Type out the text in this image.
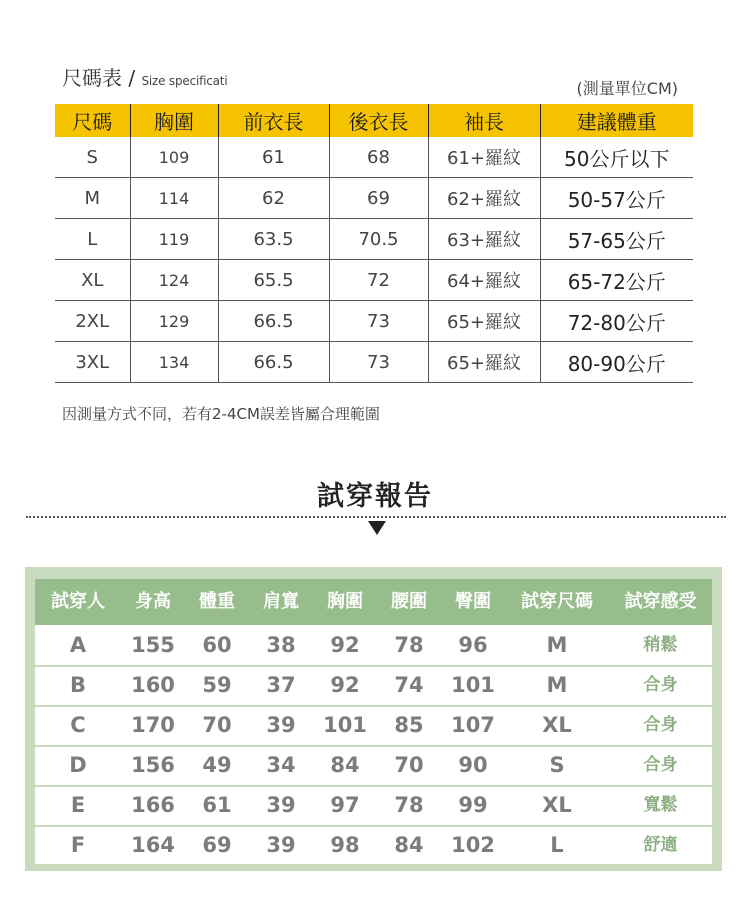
尺碼表 / Size specificati	(測量單位CM)
尺碼	胸圍	前衣長	後衣長	袖長	建議體重
S	109	61	68	61+羅紋	50公斤以下
M	114	62	69	62+羅紋	50-57公斤
L	119	63.5	70.5	63+羅紋	57-65公斤
XL	124	65.5	72	64+羅紋	65-72公斤
2XL	129	66.5	73	65+羅紋	72-80公斤
3XL	134	66.5	73	65+羅紋	80-90公斤
因測量方式不同，若有2-4CM誤差皆屬合理範圍
試穿報告
試穿人	身高	體重	肩寬	胸圍	腰圍	臀圍	試穿尺碼	試穿感受
A	155	60	38	92	78	96	M	稍鬆
B	160	59	37	92	74	101	M	合身
C	170	70	39	101	85	107	XL	合身
D	156	49	34	84	70	90	S	合身
E	166	61	39	97	78	99	XL	寬鬆
F	164	69	39	98	84	102	L	舒適
